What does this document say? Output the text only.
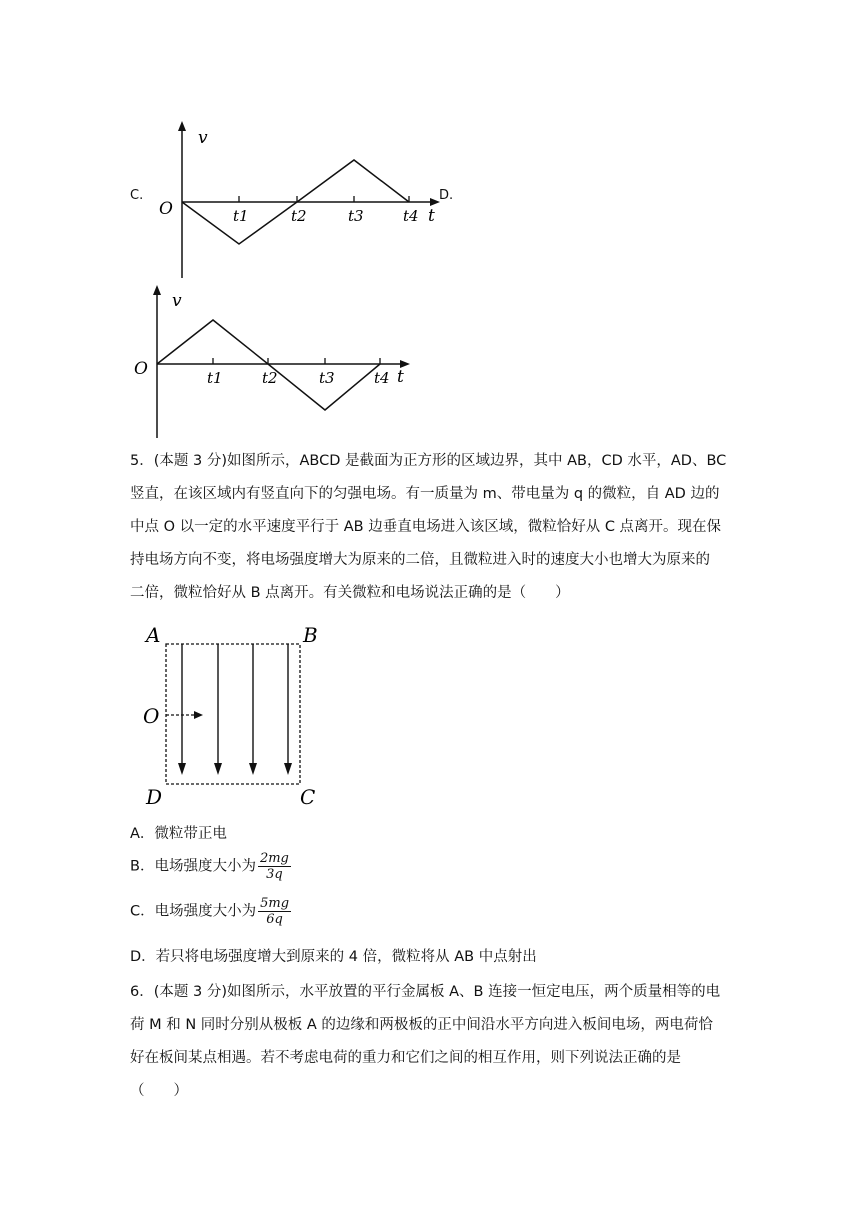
C.	D.
v
O	t
t1	t2	t3	t4
v
O	t
t1	t2	t3	t4
5．(本题 3 分)如图所示，ABCD 是截面为正方形的区域边界，其中 AB，CD 水平，AD、BC
竖直，在该区域内有竖直向下的匀强电场。有一质量为 m、带电量为 q 的微粒，自 AD 边的
中点 O 以一定的水平速度平行于 AB 边垂直电场进入该区域，微粒恰好从 C 点离开。现在保
持电场方向不变，将电场强度增大为原来的二倍，且微粒进入时的速度大小也增大为原来的
二倍，微粒恰好从 B 点离开。有关微粒和电场说法正确的是（　　）
A	B
D	C
O
A．微粒带正电
B．电场强度大小为 $\frac{2mg}{3q}$
C．电场强度大小为 $\frac{5mg}{6q}$
D．若只将电场强度增大到原来的 4 倍，微粒将从 AB 中点射出
6．(本题 3 分)如图所示，水平放置的平行金属板 A、B 连接一恒定电压，两个质量相等的电
荷 M 和 N 同时分别从极板 A 的边缘和两极板的正中间沿水平方向进入板间电场，两电荷恰
好在板间某点相遇。若不考虑电荷的重力和它们之间的相互作用，则下列说法正确的是
（　　）
